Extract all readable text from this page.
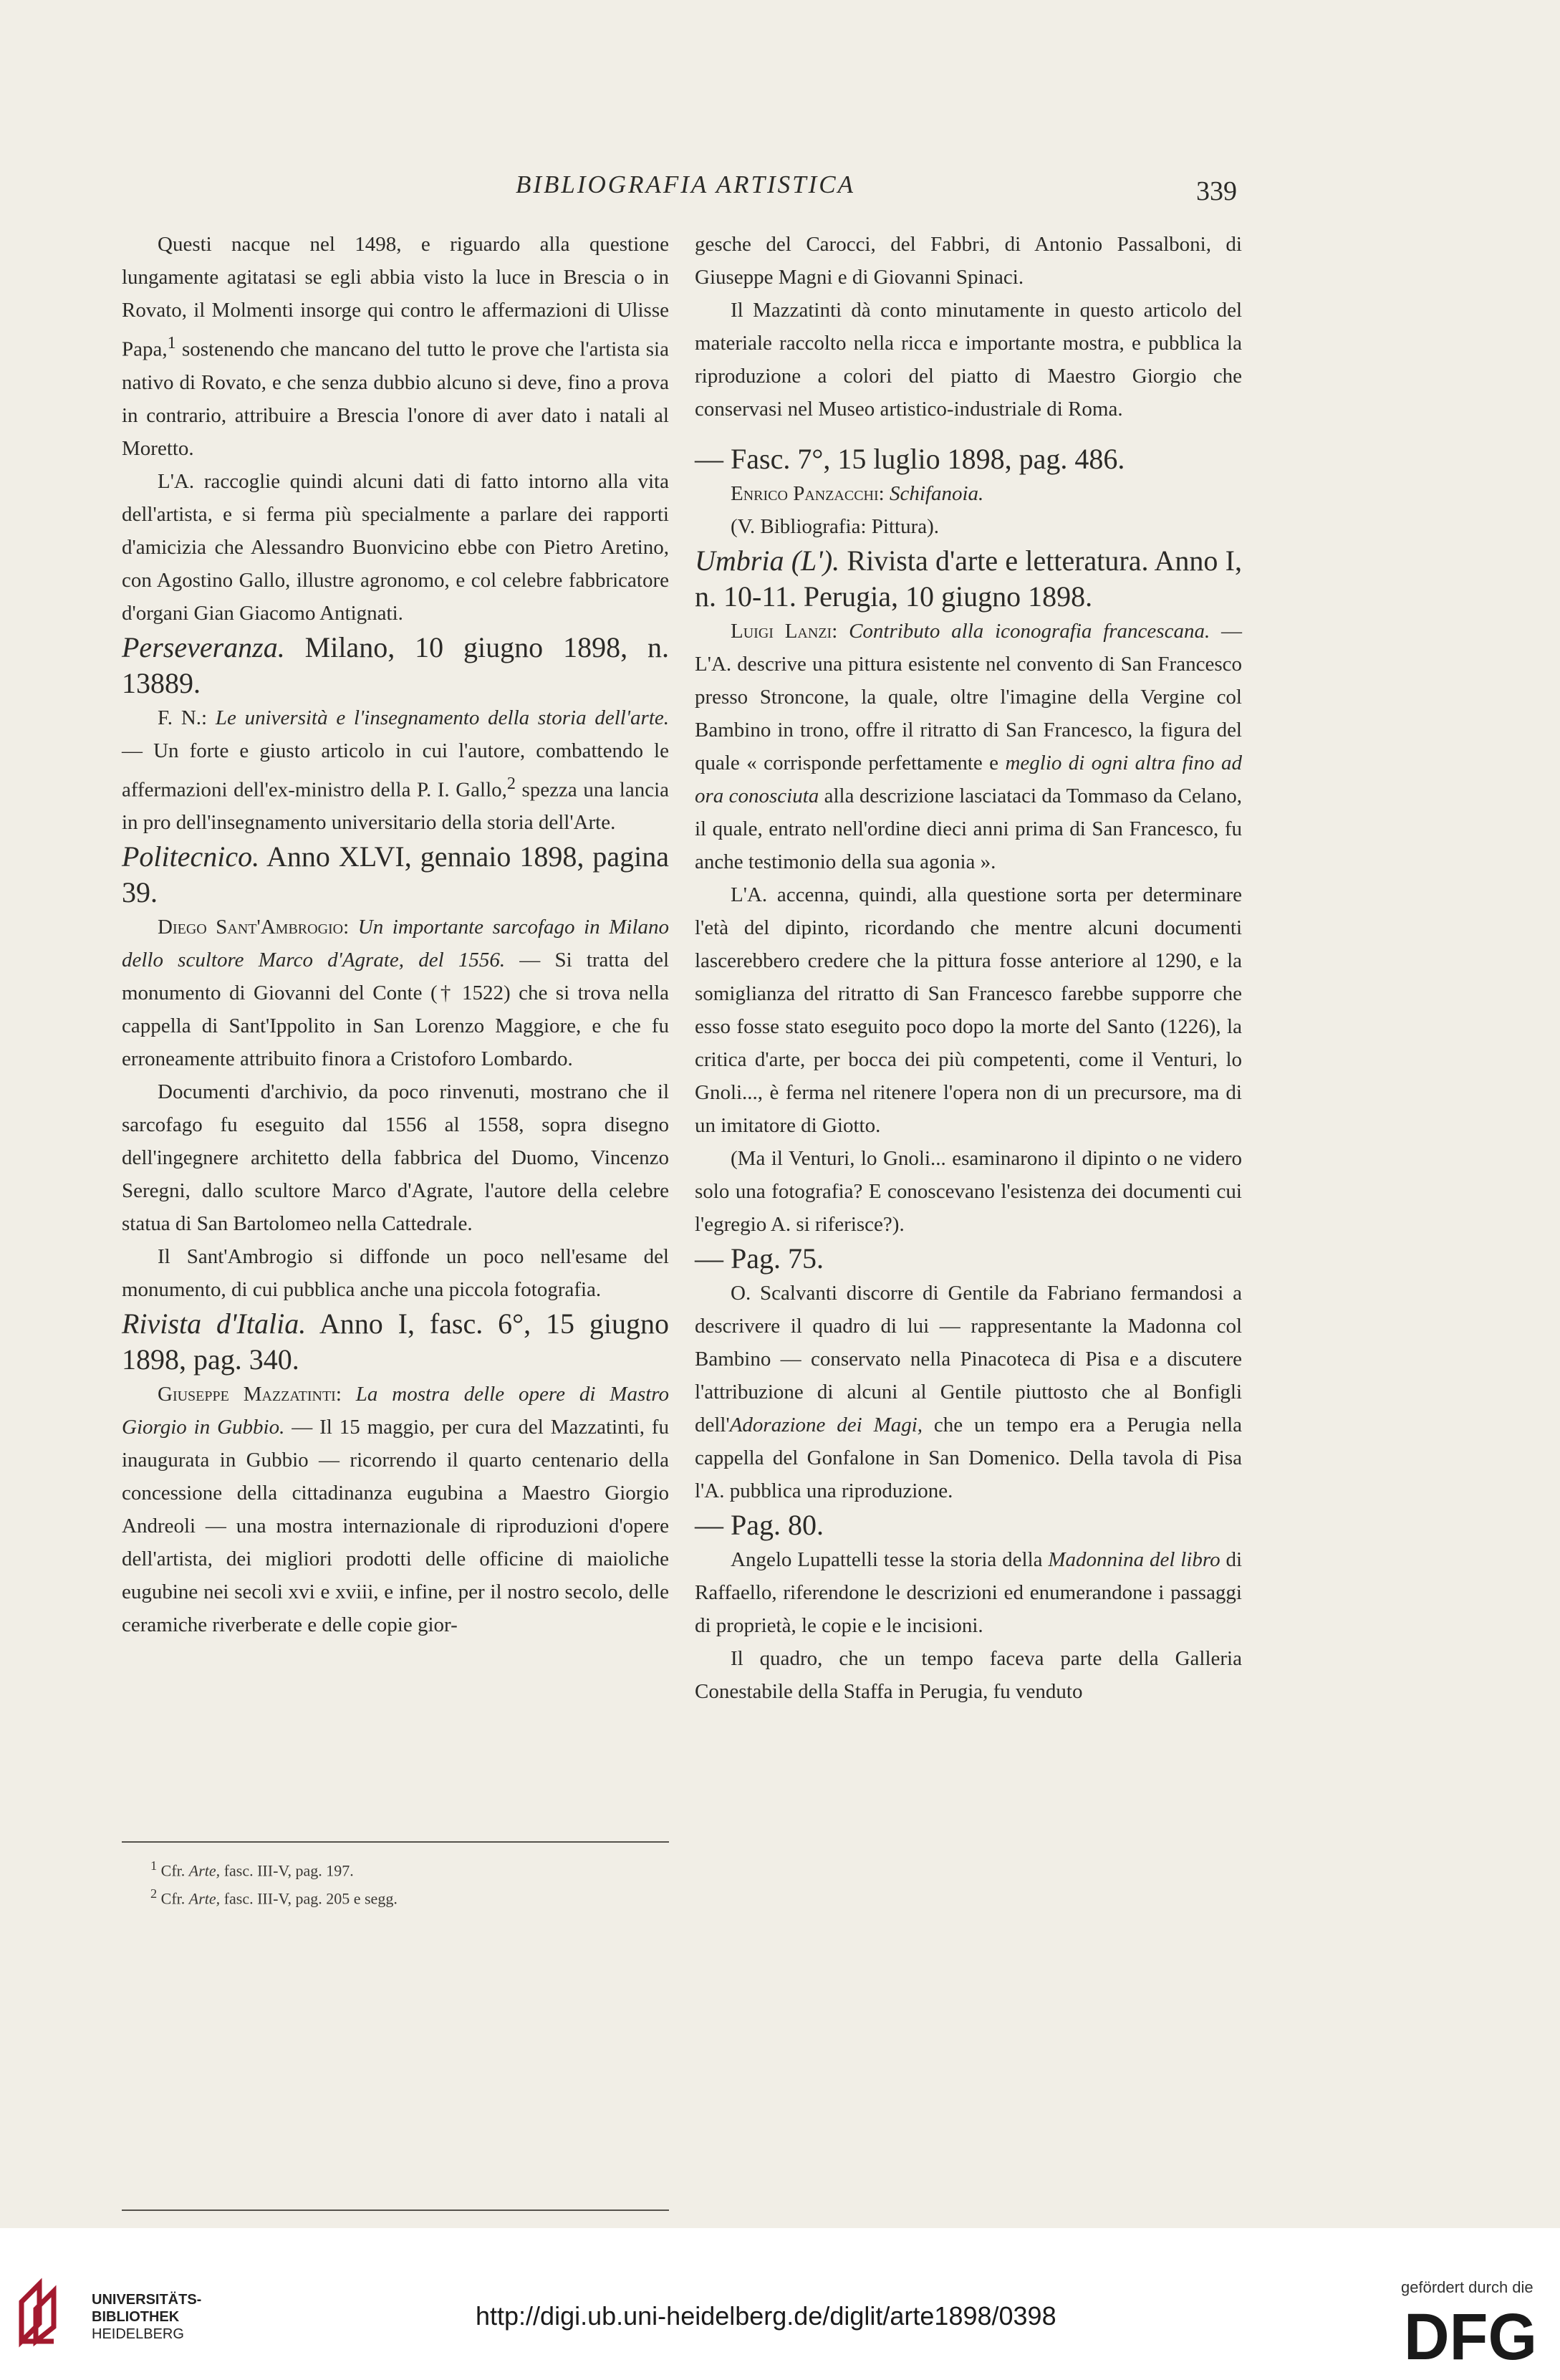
BIBLIOGRAFIA ARTISTICA	339

Questi nacque nel 1498, e riguardo alla questione lungamente agitatasi se egli abbia visto la luce in Brescia o in Rovato, il Molmenti insorge qui contro le affermazioni di Ulisse Papa,$^1$ sostenendo che mancano del tutto le prove che l'artista sia nativo di Rovato, e che senza dubbio alcuno si deve, fino a prova in contrario, attribuire a Brescia l'onore di aver dato i natali al Moretto.

L'A. raccoglie quindi alcuni dati di fatto intorno alla vita dell'artista, e si ferma più specialmente a parlare dei rapporti d'amicizia che Alessandro Buonvicino ebbe con Pietro Aretino, con Agostino Gallo, illustre agronomo, e col celebre fabbricatore d'organi Gian Giacomo Antignati.

Perseveranza. Milano, 10 giugno 1898, n. 13889.

F. N.: Le università e l'insegnamento della storia dell'arte. — Un forte e giusto articolo in cui l'autore, combattendo le affermazioni dell'ex-ministro della P. I. Gallo,$^2$ spezza una lancia in pro dell'insegnamento universitario della storia dell'Arte.

Politecnico. Anno XLVI, gennaio 1898, pagina 39.

Diego Sant'Ambrogio: Un importante sarcofago in Milano dello scultore Marco d'Agrate, del 1556. — Si tratta del monumento di Giovanni del Conte († 1522) che si trova nella cappella di Sant'Ippolito in San Lorenzo Maggiore, e che fu erroneamente attribuito finora a Cristoforo Lombardo.

Documenti d'archivio, da poco rinvenuti, mostrano che il sarcofago fu eseguito dal 1556 al 1558, sopra disegno dell'ingegnere architetto della fabbrica del Duomo, Vincenzo Seregni, dallo scultore Marco d'Agrate, l'autore della celebre statua di San Bartolomeo nella Cattedrale.

Il Sant'Ambrogio si diffonde un poco nell'esame del monumento, di cui pubblica anche una piccola fotografia.

Rivista d'Italia. Anno I, fasc. 6°, 15 giugno 1898, pag. 340.

Giuseppe Mazzatinti: La mostra delle opere di Mastro Giorgio in Gubbio. — Il 15 maggio, per cura del Mazzatinti, fu inaugurata in Gubbio — ricorrendo il quarto centenario della concessione della cittadinanza eugubina a Maestro Giorgio Andreoli — una mostra internazionale di riproduzioni d'opere dell'artista, dei migliori prodotti delle officine di maioliche eugubine nei secoli xvi e xviii, e infine, per il nostro secolo, delle ceramiche riverberate e delle copie gior-

gesche del Carocci, del Fabbri, di Antonio Passalboni, di Giuseppe Magni e di Giovanni Spinaci.

Il Mazzatinti dà conto minutamente in questo articolo del materiale raccolto nella ricca e importante mostra, e pubblica la riproduzione a colori del piatto di Maestro Giorgio che conservasi nel Museo artistico-industriale di Roma.

— Fasc. 7°, 15 luglio 1898, pag. 486.

Enrico Panzacchi: Schifanoia.

(V. Bibliografia: Pittura).

Umbria (L'). Rivista d'arte e letteratura. Anno I, n. 10-11. Perugia, 10 giugno 1898.

Luigi Lanzi: Contributo alla iconografia francescana. — L'A. descrive una pittura esistente nel convento di San Francesco presso Stroncone, la quale, oltre l'imagine della Vergine col Bambino in trono, offre il ritratto di San Francesco, la figura del quale « corrisponde perfettamente e meglio di ogni altra fino ad ora conosciuta alla descrizione lasciataci da Tommaso da Celano, il quale, entrato nell'ordine dieci anni prima di San Francesco, fu anche testimonio della sua agonia ».

L'A. accenna, quindi, alla questione sorta per determinare l'età del dipinto, ricordando che mentre alcuni documenti lascerebbero credere che la pittura fosse anteriore al 1290, e la somiglianza del ritratto di San Francesco farebbe supporre che esso fosse stato eseguito poco dopo la morte del Santo (1226), la critica d'arte, per bocca dei più competenti, come il Venturi, lo Gnoli..., è ferma nel ritenere l'opera non di un precursore, ma di un imitatore di Giotto.

(Ma il Venturi, lo Gnoli... esaminarono il dipinto o ne videro solo una fotografia? E conoscevano l'esistenza dei documenti cui l'egregio A. si riferisce?).

— Pag. 75.

O. Scalvanti discorre di Gentile da Fabriano fermandosi a descrivere il quadro di lui — rappresentante la Madonna col Bambino — conservato nella Pinacoteca di Pisa e a discutere l'attribuzione di alcuni al Gentile piuttosto che al Bonfigli dell'Adorazione dei Magi, che un tempo era a Perugia nella cappella del Gonfalone in San Domenico. Della tavola di Pisa l'A. pubblica una riproduzione.

— Pag. 80.

Angelo Lupattelli tesse la storia della Madonnina del libro di Raffaello, riferendone le descrizioni ed enumerandone i passaggi di proprietà, le copie e le incisioni.

Il quadro, che un tempo faceva parte della Galleria Conestabile della Staffa in Perugia, fu venduto

$^1$ Cfr. Arte, fasc. III-V, pag. 197.
$^2$ Cfr. Arte, fasc. III-V, pag. 205 e segg.
UNIVERSITÄTS-
BIBLIOTHEK
HEIDELBERG
http://digi.ub.uni-heidelberg.de/diglit/arte1898/0398
gefördert durch die
DFG
